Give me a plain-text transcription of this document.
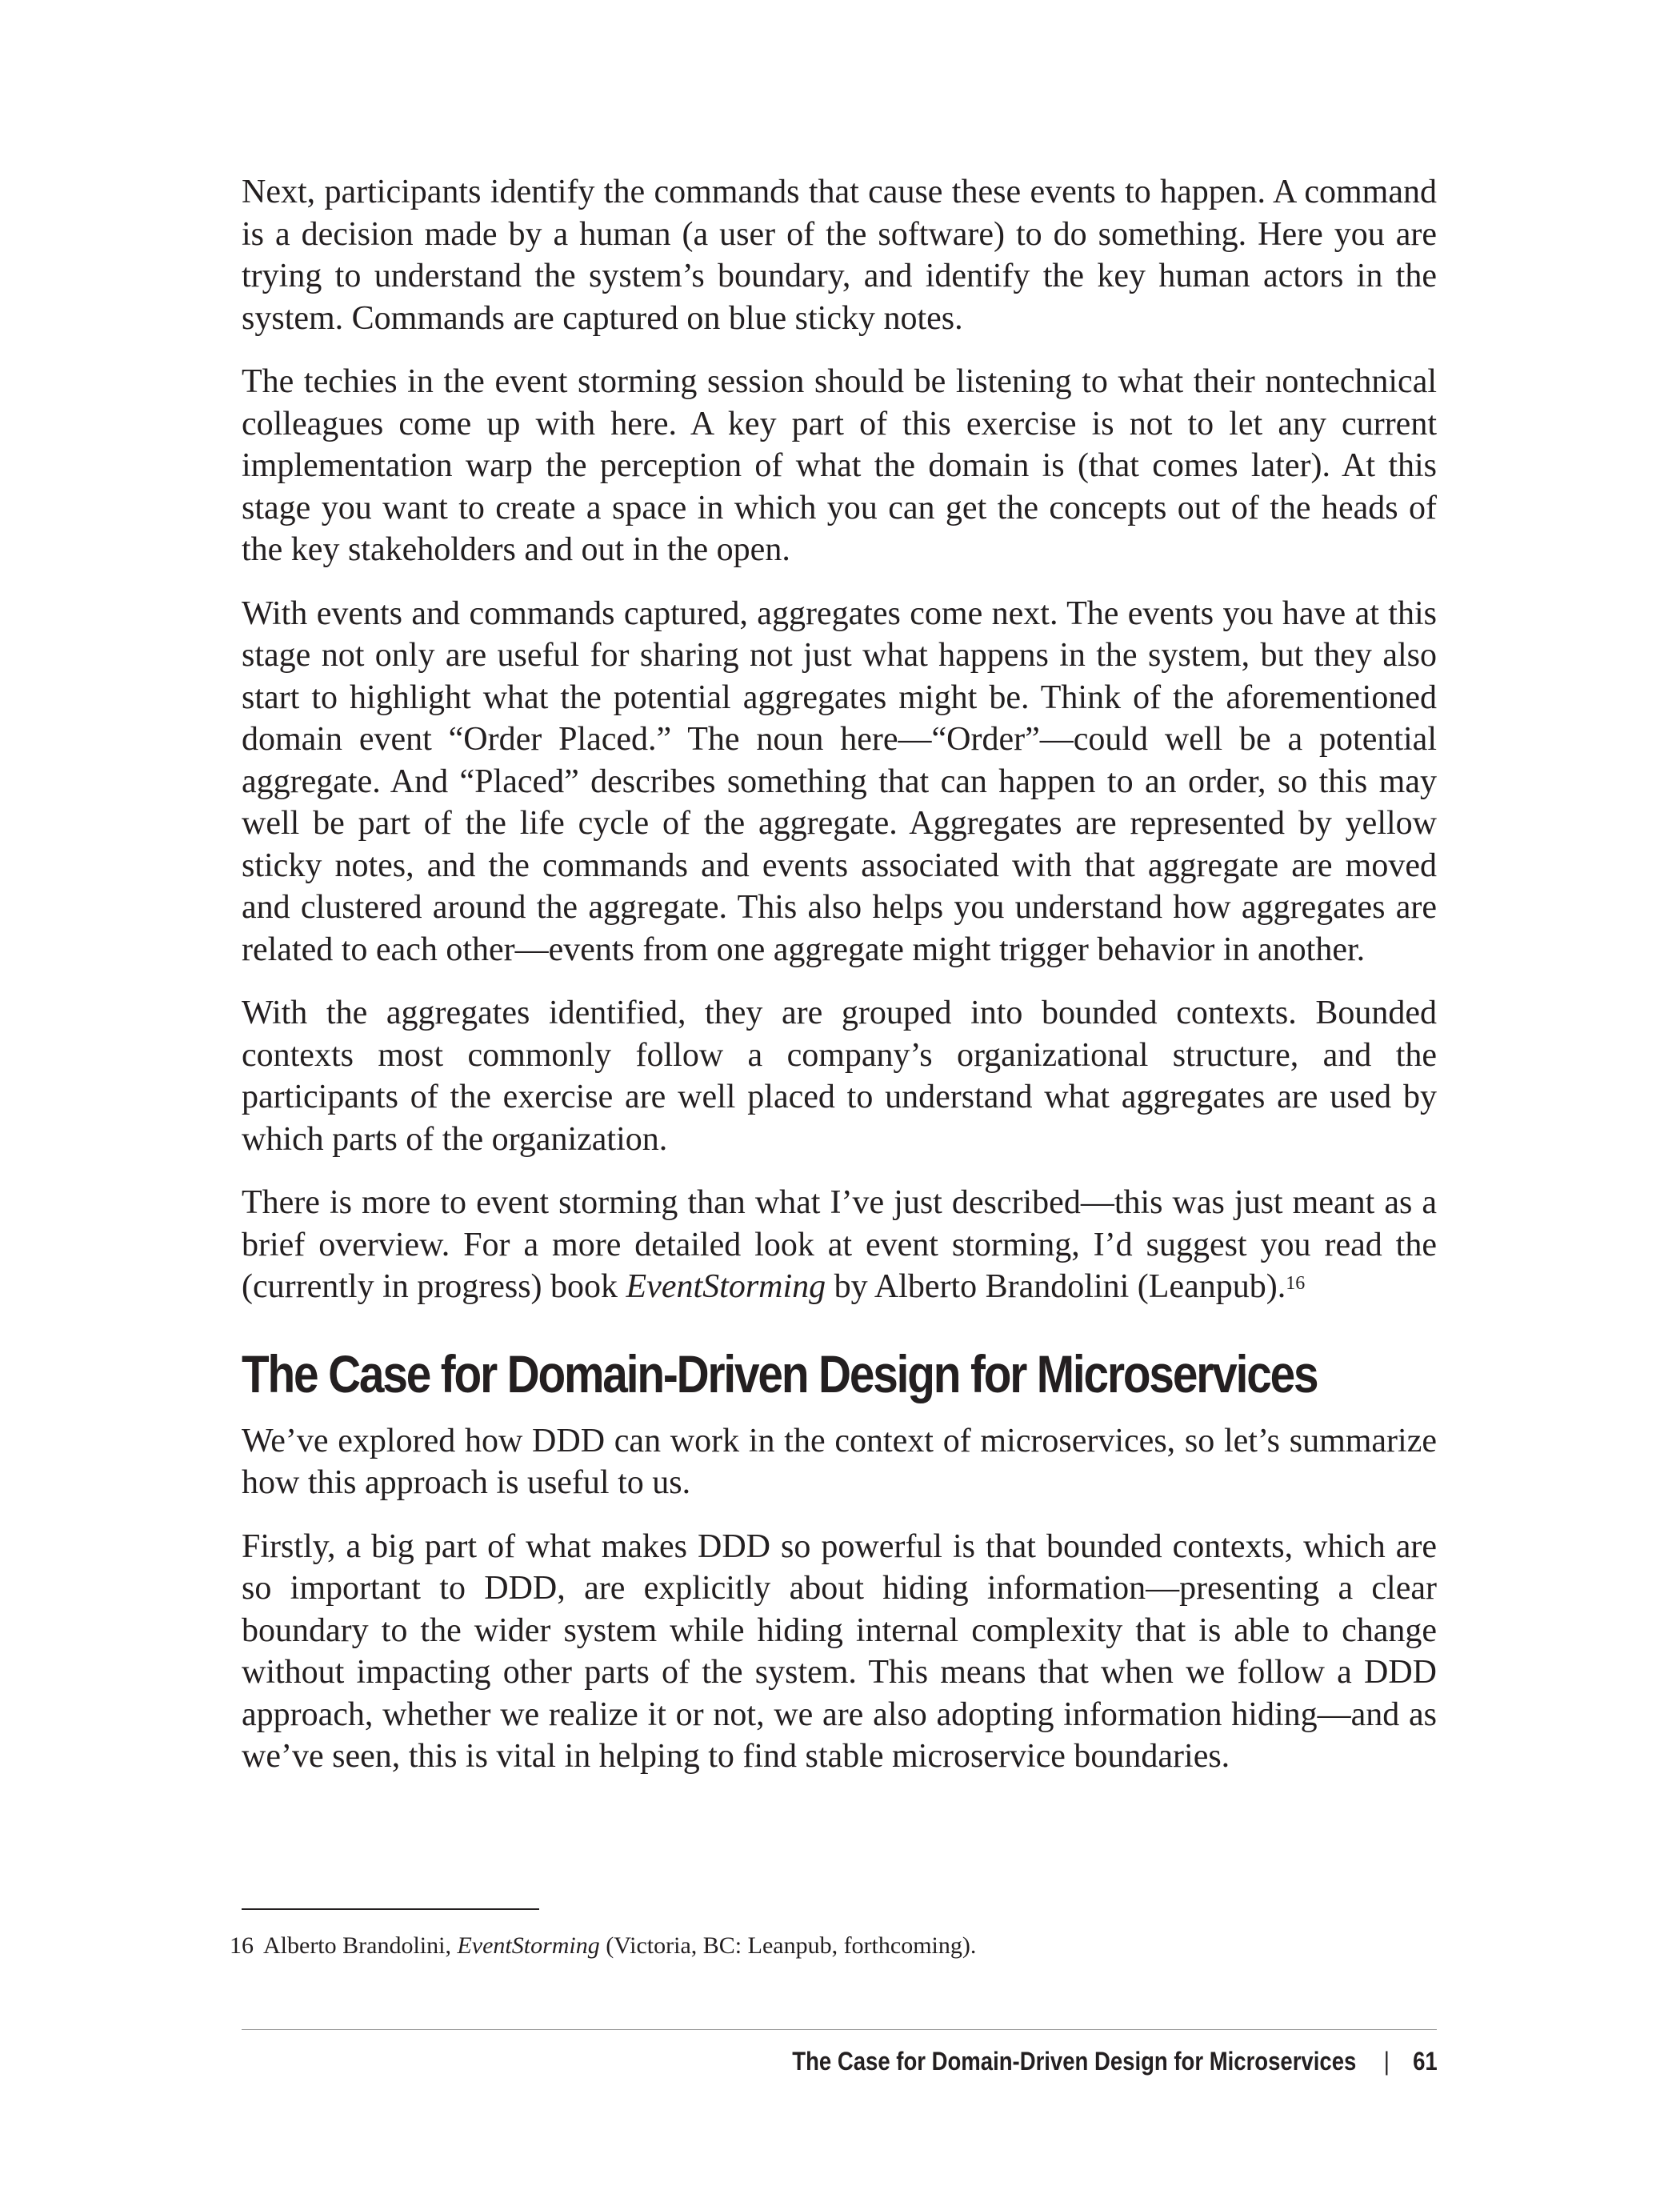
Next, participants identify the commands that cause these events to happen. A command is a decision made by a human (a user of the software) to do something. Here you are trying to understand the system’s boundary, and identify the key human actors in the system. Commands are captured on blue sticky notes.

The techies in the event storming session should be listening to what their nontechnical colleagues come up with here. A key part of this exercise is not to let any current implementation warp the perception of what the domain is (that comes later). At this stage you want to create a space in which you can get the concepts out of the heads of the key stakeholders and out in the open.

With events and commands captured, aggregates come next. The events you have at this stage not only are useful for sharing not just what happens in the system, but they also start to highlight what the potential aggregates might be. Think of the aforementioned domain event “Order Placed.” The noun here—“Order”—could well be a potential aggregate. And “Placed” describes something that can happen to an order, so this may well be part of the life cycle of the aggregate. Aggregates are represented by yellow sticky notes, and the commands and events associated with that aggregate are moved and clustered around the aggregate. This also helps you understand how aggregates are related to each other—events from one aggregate might trigger behavior in another.

With the aggregates identified, they are grouped into bounded contexts. Bounded contexts most commonly follow a company’s organizational structure, and the participants of the exercise are well placed to understand what aggregates are used by which parts of the organization.

There is more to event storming than what I’ve just described—this was just meant as a brief overview. For a more detailed look at event storming, I’d suggest you read the (currently in progress) book EventStorming by Alberto Brandolini (Leanpub).$^{16}$

The Case for Domain-Driven Design for Microservices

We’ve explored how DDD can work in the context of microservices, so let’s summarize how this approach is useful to us.

Firstly, a big part of what makes DDD so powerful is that bounded contexts, which are so important to DDD, are explicitly about hiding information—presenting a clear boundary to the wider system while hiding internal complexity that is able to change without impacting other parts of the system. This means that when we follow a DDD approach, whether we realize it or not, we are also adopting information hiding—and as we’ve seen, this is vital in helping to find stable microservice boundaries.

16 Alberto Brandolini, EventStorming (Victoria, BC: Leanpub, forthcoming).
The Case for Domain-Driven Design for Microservices | 61
